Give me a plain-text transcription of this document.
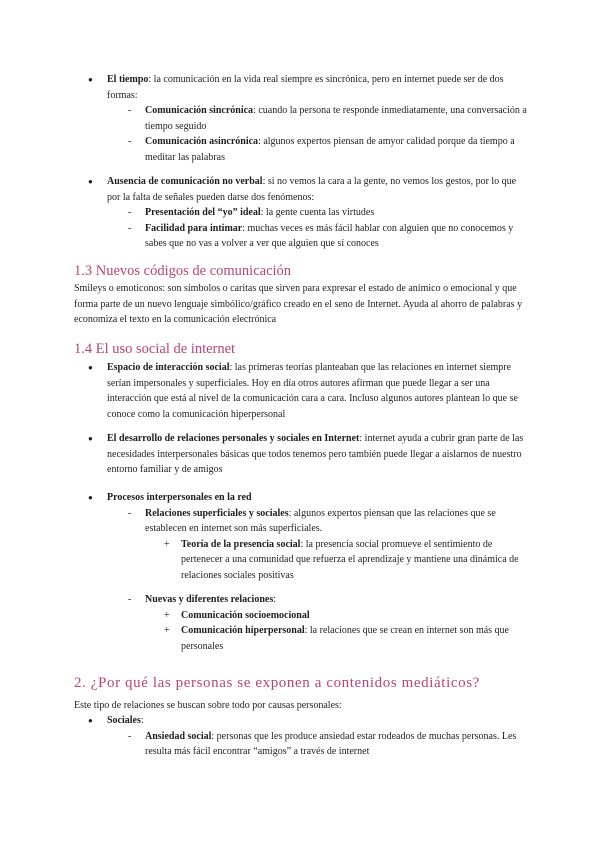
● El tiempo: la comunicación en la vida real siempre es sincrónica, pero en internet puede ser de dos formas:

- Comunicación sincrónica: cuando la persona te responde inmediatamente, una conversación a tiempo seguido

- Comunicación asincrónica: algunos expertos piensan de amyor calidad porque da tiempo a meditar las palabras

● Ausencia de comunicación no verbal: si no vemos la cara a la gente, no vemos los gestos, por lo que por la falta de señales pueden darse dos fenómenos:

- Presentación del “yo” ideal: la gente cuenta las virtudes

- Facilidad para intimar: muchas veces es más fácil hablar con alguien que no conocemos y sabes que no vas a volver a ver que alguien que sí conoces

1.3 Nuevos códigos de comunicación

Smileys o emoticonos: son símbolos o caritas que sirven para expresar el estado de anímico o emocional y que forma parte de un nuevo lenguaje simbólico/gráfico creado en el seno de Internet. Ayuda al ahorro de palabras y economiza el texto en la comunicación electrónica

1.4 El uso social de internet
● Espacio de interacción social: las primeras teorías planteaban que las relaciones en internet siempre serían impersonales y superficiales. Hoy en día otros autores afirman que puede llegar a ser una interacción que está al nivel de la comunicación cara a cara. Incluso algunos autores plantean lo que se conoce como la comunicación hiperpersonal

● El desarrollo de relaciones personales y sociales en Internet: internet ayuda a cubrir gran parte de las necesidades interpersonales básicas que todos tenemos pero también puede llegar a aislarnos de nuestro entorno familiar y de amigos

● Procesos interpersonales en la red

- Relaciones superficiales y sociales: algunos expertos piensan que las relaciones que se establecen en internet son más superficiales.

+ Teoría de la presencia social: la presencia social promueve el sentimiento de pertenecer a una comunidad que refuerza el aprendizaje y mantiene una dinámica de relaciones sociales positivas

- Nuevas y diferentes relaciones:

+ Comunicación socioemocional

+ Comunicación hiperpersonal: la relaciones que se crean en internet son más que personales

2. ¿Por qué las personas se exponen a contenidos mediáticos?

Este tipo de relaciones se buscan sobre todo por causas personales:

● Sociales:

- Ansiedad social: personas que les produce ansiedad estar rodeados de muchas personas. Les resulta más fácil encontrar “amigos” a través de internet
